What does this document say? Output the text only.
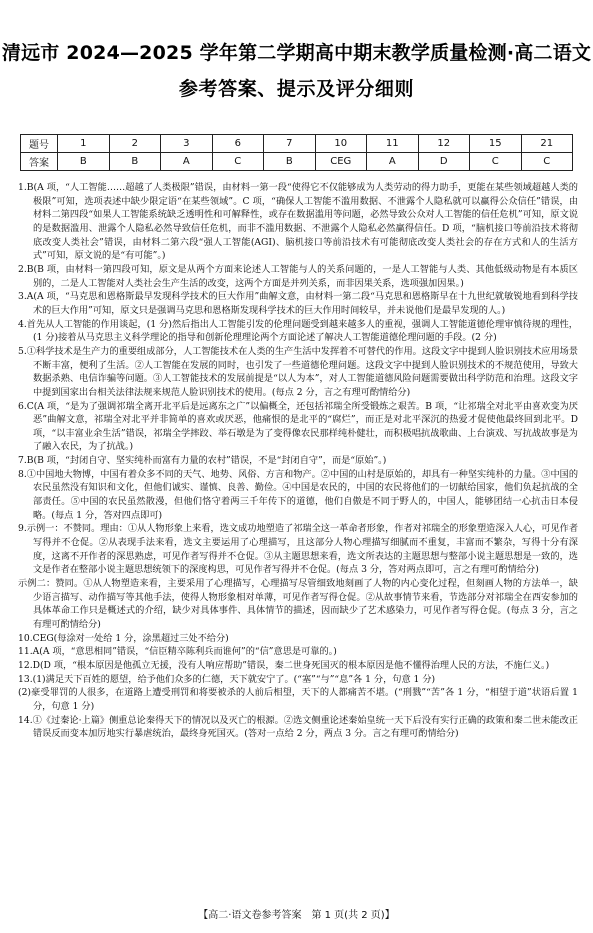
清远市 2024—2025 学年第二学期高中期末教学质量检测·高二语文
参考答案、提示及评分细则
题号	1	2	3	6	7	10	11	12	15	21
答案	B	B	A	C	B	CEG	A	D	C	C

1.B(A 项，“人工智能……超越了人类极限”错误，由材料一第一段“使得它不仅能够成为人类劳动的得力助手，更能在某些领域超越人类的极限”可知，选项表述中缺少限定语“在某些领域”。C 项，“确保人工智能不滥用数据、不泄露个人隐私就可以赢得公众信任”错误，由材料二第四段“如果人工智能系统缺乏透明性和可解释性，或存在数据滥用等问题，必然导致公众对人工智能的信任危机”可知，原文说的是数据滥用、泄露个人隐私必然导致信任危机，而非不滥用数据、不泄露个人隐私必然赢得信任。D 项，“脑机接口等前沿技术将彻底改变人类社会”错误，由材料二第六段“强人工智能(AGI)、脑机接口等前沿技术有可能彻底改变人类社会的存在方式和人的生活方式”可知，原文说的是“有可能”。)

2.B(B 项，由材料一第四段可知，原文是从两个方面来论述人工智能与人的关系问题的，一是人工智能与人类、其他低级动物是有本质区别的，二是人工智能对人类社会生产生活的改变，这两个方面是并列关系，而非因果关系，选项强加因果。)

3.A(A 项，“马克思和恩格斯最早发现科学技术的巨大作用”曲解文意，由材料一第二段“马克思和恩格斯早在十九世纪就敏锐地看到科学技术的巨大作用”可知，原文只是强调马克思和恩格斯发现科学技术的巨大作用时间较早，并未说他们是最早发现的人。)

4.首先从人工智能的作用谈起，(1 分)然后指出人工智能引发的伦理问题受到越来越多人的重视，强调人工智能道德伦理审慎待规的理性，(1 分)接着从马克思主义科学理论的指导和创新伦理理论两个方面论述了解决人工智能道德伦理问题的手段。(2 分)

5.①科学技术是生产力的重要组成部分，人工智能技术在人类的生产生活中发挥着不可替代的作用。这段文字中提到人脸识别技术应用场景不断丰富，便利了生活。②人工智能在发展的同时，也引发了一些道德伦理问题。这段文字中提到人脸识别技术的不规范使用，导致大数据杀熟、电信诈骗等问题。③人工智能技术的发展前提是“以人为本”，对人工智能道德风险问题需要做出科学防范和治理。这段文字中提到国家出台相关法律法规来规范人脸识别技术的使用。(每点 2 分，言之有理可酌情给分)

6.C(A 项，“是为了强调祁瑞全离开北平后是远离东之广”以偏概全，还包括祁瑞全所受锻炼之艰苦。B 项，“让祁瑞全对北平由喜欢变为厌恶”曲解文意，祁瑞全对北平并非简单的喜欢或厌恶，他痛恨的是北平的“腐烂”，而正是对北平深沉的热爱才促使他最终回到北平。D 项，“以丰富业余生活”错误，祁瑞全学摔跤、举石墩是为了变得像农民那样纯朴健壮，而积极唱抗战歌曲、上台演戏、写抗战故事是为了融入农民，为了抗战。)

7.B(B 项，“封闭自守、坚实纯朴而富有力量的农村”错误，不是“封闭自守”，而是“原始”。)

8.①中国地大物博，中国有着众多不同的天气、地势、风俗、方言和物产。②中国的山村是原始的，却具有一种坚实纯朴的力量。③中国的农民虽然没有知识和文化，但他们诚实、谨慎、良善、勤俭。④中国是农民的，中国的农民将他们的一切献给国家，他们负起抗战的全部责任。⑤中国的农民虽然散漫，但他们恪守着两三千年传下的道德，他们自傲是不同于野人的，中国人，能够团结一心抗击日本侵略。(每点 1 分，答对四点即可)

9.示例一：不赞同。理由：①从人物形象上来看，选文成功地塑造了祁瑞全这一革命者形象，作者对祁瑞全的形象塑造深入人心，可见作者写得并不仓促。②从表现手法来看，选文主要运用了心理描写，且这部分人物心理描写细腻而不重复，丰富而不繁杂，写得十分有深度，这离不开作者的深思熟虑，可见作者写得并不仓促。③从主题思想来看，选文所表达的主题思想与整部小说主题思想是一致的，选文是作者在整部小说主题思想统领下的深度构思，可见作者写得并不仓促。(每点 3 分，答对两点即可，言之有理可酌情给分)

示例二：赞同。①从人物塑造来看，主要采用了心理描写，心理描写尽管细致地刻画了人物的内心变化过程，但刻画人物的方法单一，缺少语言描写、动作描写等其他手法，使得人物形象相对单薄，可见作者写得仓促。②从故事情节来看，节选部分对祁瑞全在西安参加的具体革命工作只是概述式的介绍，缺少对具体事件、具体情节的描述，因而缺少了艺术感染力，可见作者写得仓促。(每点 3 分，言之有理可酌情给分)

10.CEG(每涂对一处给 1 分，涂黑超过三处不给分)

11.A(A 项，“意思相同”错误，“信臣精卒陈利兵而谁何”的“信”意思是可靠的。)

12.D(D 项，“根本原因是他孤立无援，没有人响应帮助”错误，秦二世身死国灭的根本原因是他不懂得治理人民的方法，不施仁义。)

13.(1)满足天下百姓的愿望，给予他们众多的仁德，天下就安宁了。(“塞”“与”“息”各 1 分，句意 1 分)

(2)豪受罪罚的人很多，在道路上遭受刑罚和将要被杀的人前后相望，天下的人都痛苦不堪。(“刑戮”“苦”各 1 分，“相望于道”状语后置 1 分，句意 1 分)

14.①《过秦论·上篇》侧重总论秦得天下的情况以及灭亡的根源。②选文侧重论述秦始皇统一天下后没有实行正确的政策和秦二世未能改正错误反而变本加厉地实行暴虐统治，最终身死国灭。(答对一点给 2 分，两点 3 分。言之有理可酌情给分)

【高二·语文卷参考答案　第 1 页(共 2 页)】
